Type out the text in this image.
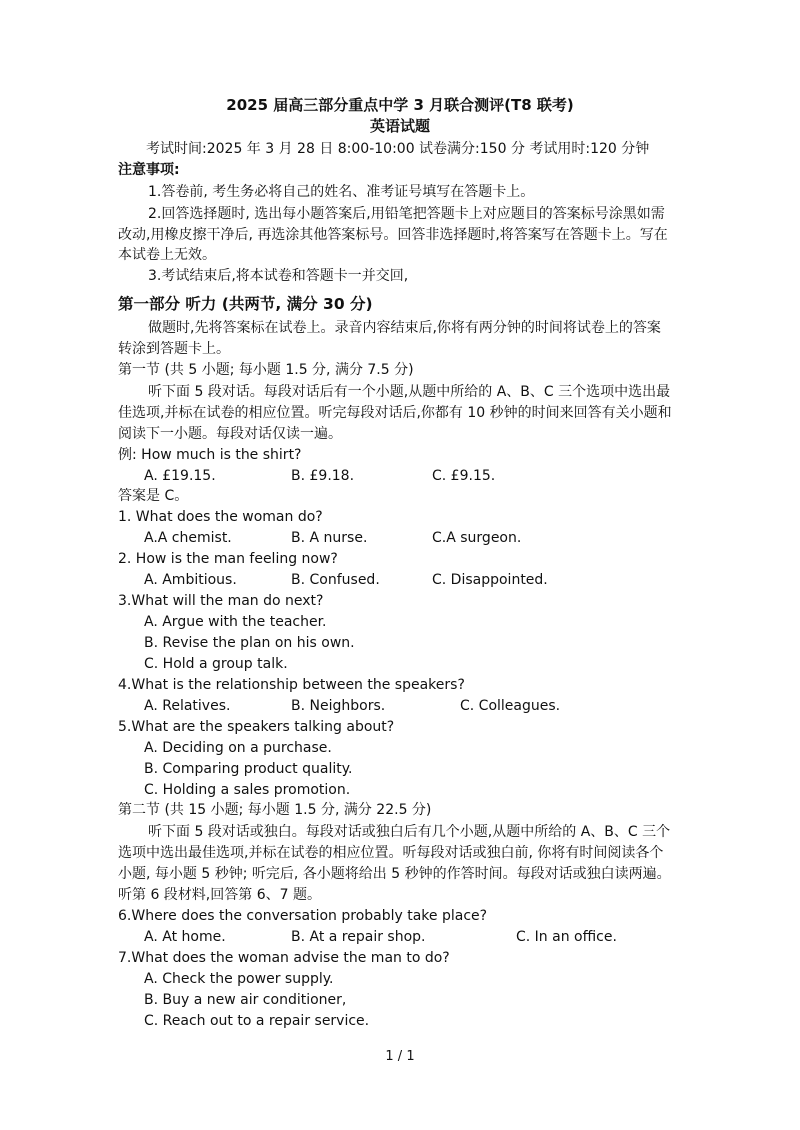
2025 届高三部分重点中学 3 月联合测评(T8 联考)
英语试题
考试时间:2025 年 3 月 28 日 8:00-10:00 试卷满分:150 分 考试用时:120 分钟
注意事项:
1.答卷前, 考生务必将自己的姓名、准考证号填写在答题卡上。
2.回答选择题时, 选出每小题答案后,用铅笔把答题卡上对应题目的答案标号涂黑如需
改动,用橡皮擦干净后, 再选涂其他答案标号。回答非选择题时,将答案写在答题卡上。写在
本试卷上无效。
3.考试结束后,将本试卷和答题卡一并交回,
第一部分 听力 (共两节, 满分 30 分)
做题时,先将答案标在试卷上。录音内容结束后,你将有两分钟的时间将试卷上的答案
转涂到答题卡上。
第一节 (共 5 小题; 每小题 1.5 分, 满分 7.5 分)
听下面 5 段对话。每段对话后有一个小题,从题中所给的 A、B、C 三个选项中选出最
佳选项,并标在试卷的相应位置。听完每段对话后,你都有 10 秒钟的时间来回答有关小题和
阅读下一小题。每段对话仅读一遍。
例: How much is the shirt?
A. £19.15.	B. £9.18.	C. £9.15.
答案是 C。
1. What does the woman do?
A.A chemist.	B. A nurse.	C.A surgeon.
2. How is the man feeling now?
A. Ambitious.	B. Confused.	C. Disappointed.
3.What will the man do next?
A. Argue with the teacher.
B. Revise the plan on his own.
C. Hold a group talk.
4.What is the relationship between the speakers?
A. Relatives.	B. Neighbors.	C. Colleagues.
5.What are the speakers talking about?
A. Deciding on a purchase.
B. Comparing product quality.
C. Holding a sales promotion.
第二节 (共 15 小题; 每小题 1.5 分, 满分 22.5 分)
听下面 5 段对话或独白。每段对话或独白后有几个小题,从题中所给的 A、B、C 三个
选项中选出最佳选项,并标在试卷的相应位置。听每段对话或独白前, 你将有时间阅读各个
小题, 每小题 5 秒钟; 听完后, 各小题将给出 5 秒钟的作答时间。每段对话或独白读两遍。
听第 6 段材料,回答第 6、7 题。
6.Where does the conversation probably take place?
A. At home.	B. At a repair shop.	C. In an office.
7.What does the woman advise the man to do?
A. Check the power supply.
B. Buy a new air conditioner,
C. Reach out to a repair service.
1 / 1
